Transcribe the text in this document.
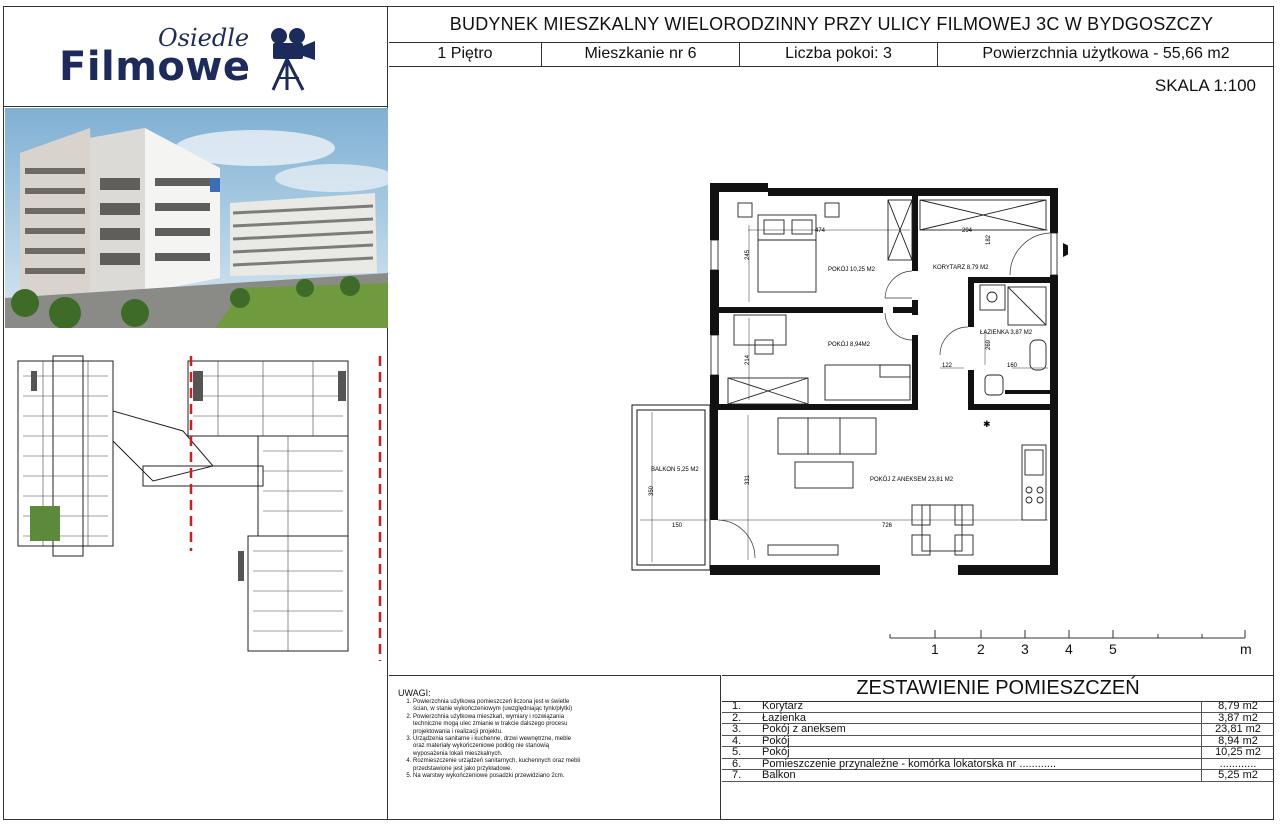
Osiedle
Filmowe
BUDYNEK MIESZKALNY WIELORODZINNY PRZY ULICY FILMOWEJ 3C W BYDGOSZCZY
1 Piętro	Mieszkanie nr 6	Liczba pokoi: 3	Powierzchnia użytkowa - 55,66 m2
SKALA 1:100
POKÓJ 10,25 M2	KORYTARZ 8,79 M2
POKÓJ 8,94M2
ŁAZIENKA 3,87 M2
POKÓJ Z ANEKSEM 23,81 M2
BALKON 5,25 M2
474	294
182
245
214
269
122	160
350
331
150	726
✱
1	2	3	4	5	m
UWAGI:
1. Powierzchnia użytkowa pomieszczeń liczona jest w świetle ścian, w stanie wykończeniowym (uwzględniając tynk/płytki)
2. Powierzchnia użytkowa mieszkań, wymiary i rozwiązania techniczne mogą ulec zmianie w trakcie dalszego procesu projektowania i realizacji projektu.
3. Urządzenia sanitarne i kuchenne, drzwi wewnętrzne, meble oraz materiały wykończeniowe podłóg nie stanowią wyposażenia lokali mieszkalnych.
4. Rozmieszczenie urządzeń sanitarnych, kuchennych oraz mebli przedstawione jest jako przykładowe.
5. Na warstwy wykończeniowe posadzki przewidziano 2cm.
ZESTAWIENIE POMIESZCZEŃ
1.	Korytarz	8,79 m2
2.	Łazienka	3,87 m2
3.	Pokój z aneksem	23,81 m2
4.	Pokój	8,94 m2
5.	Pokój	10,25 m2
6.	Pomieszczenie przynależne - komórka lokatorska nr ............	............
7.	Balkon	5,25 m2
